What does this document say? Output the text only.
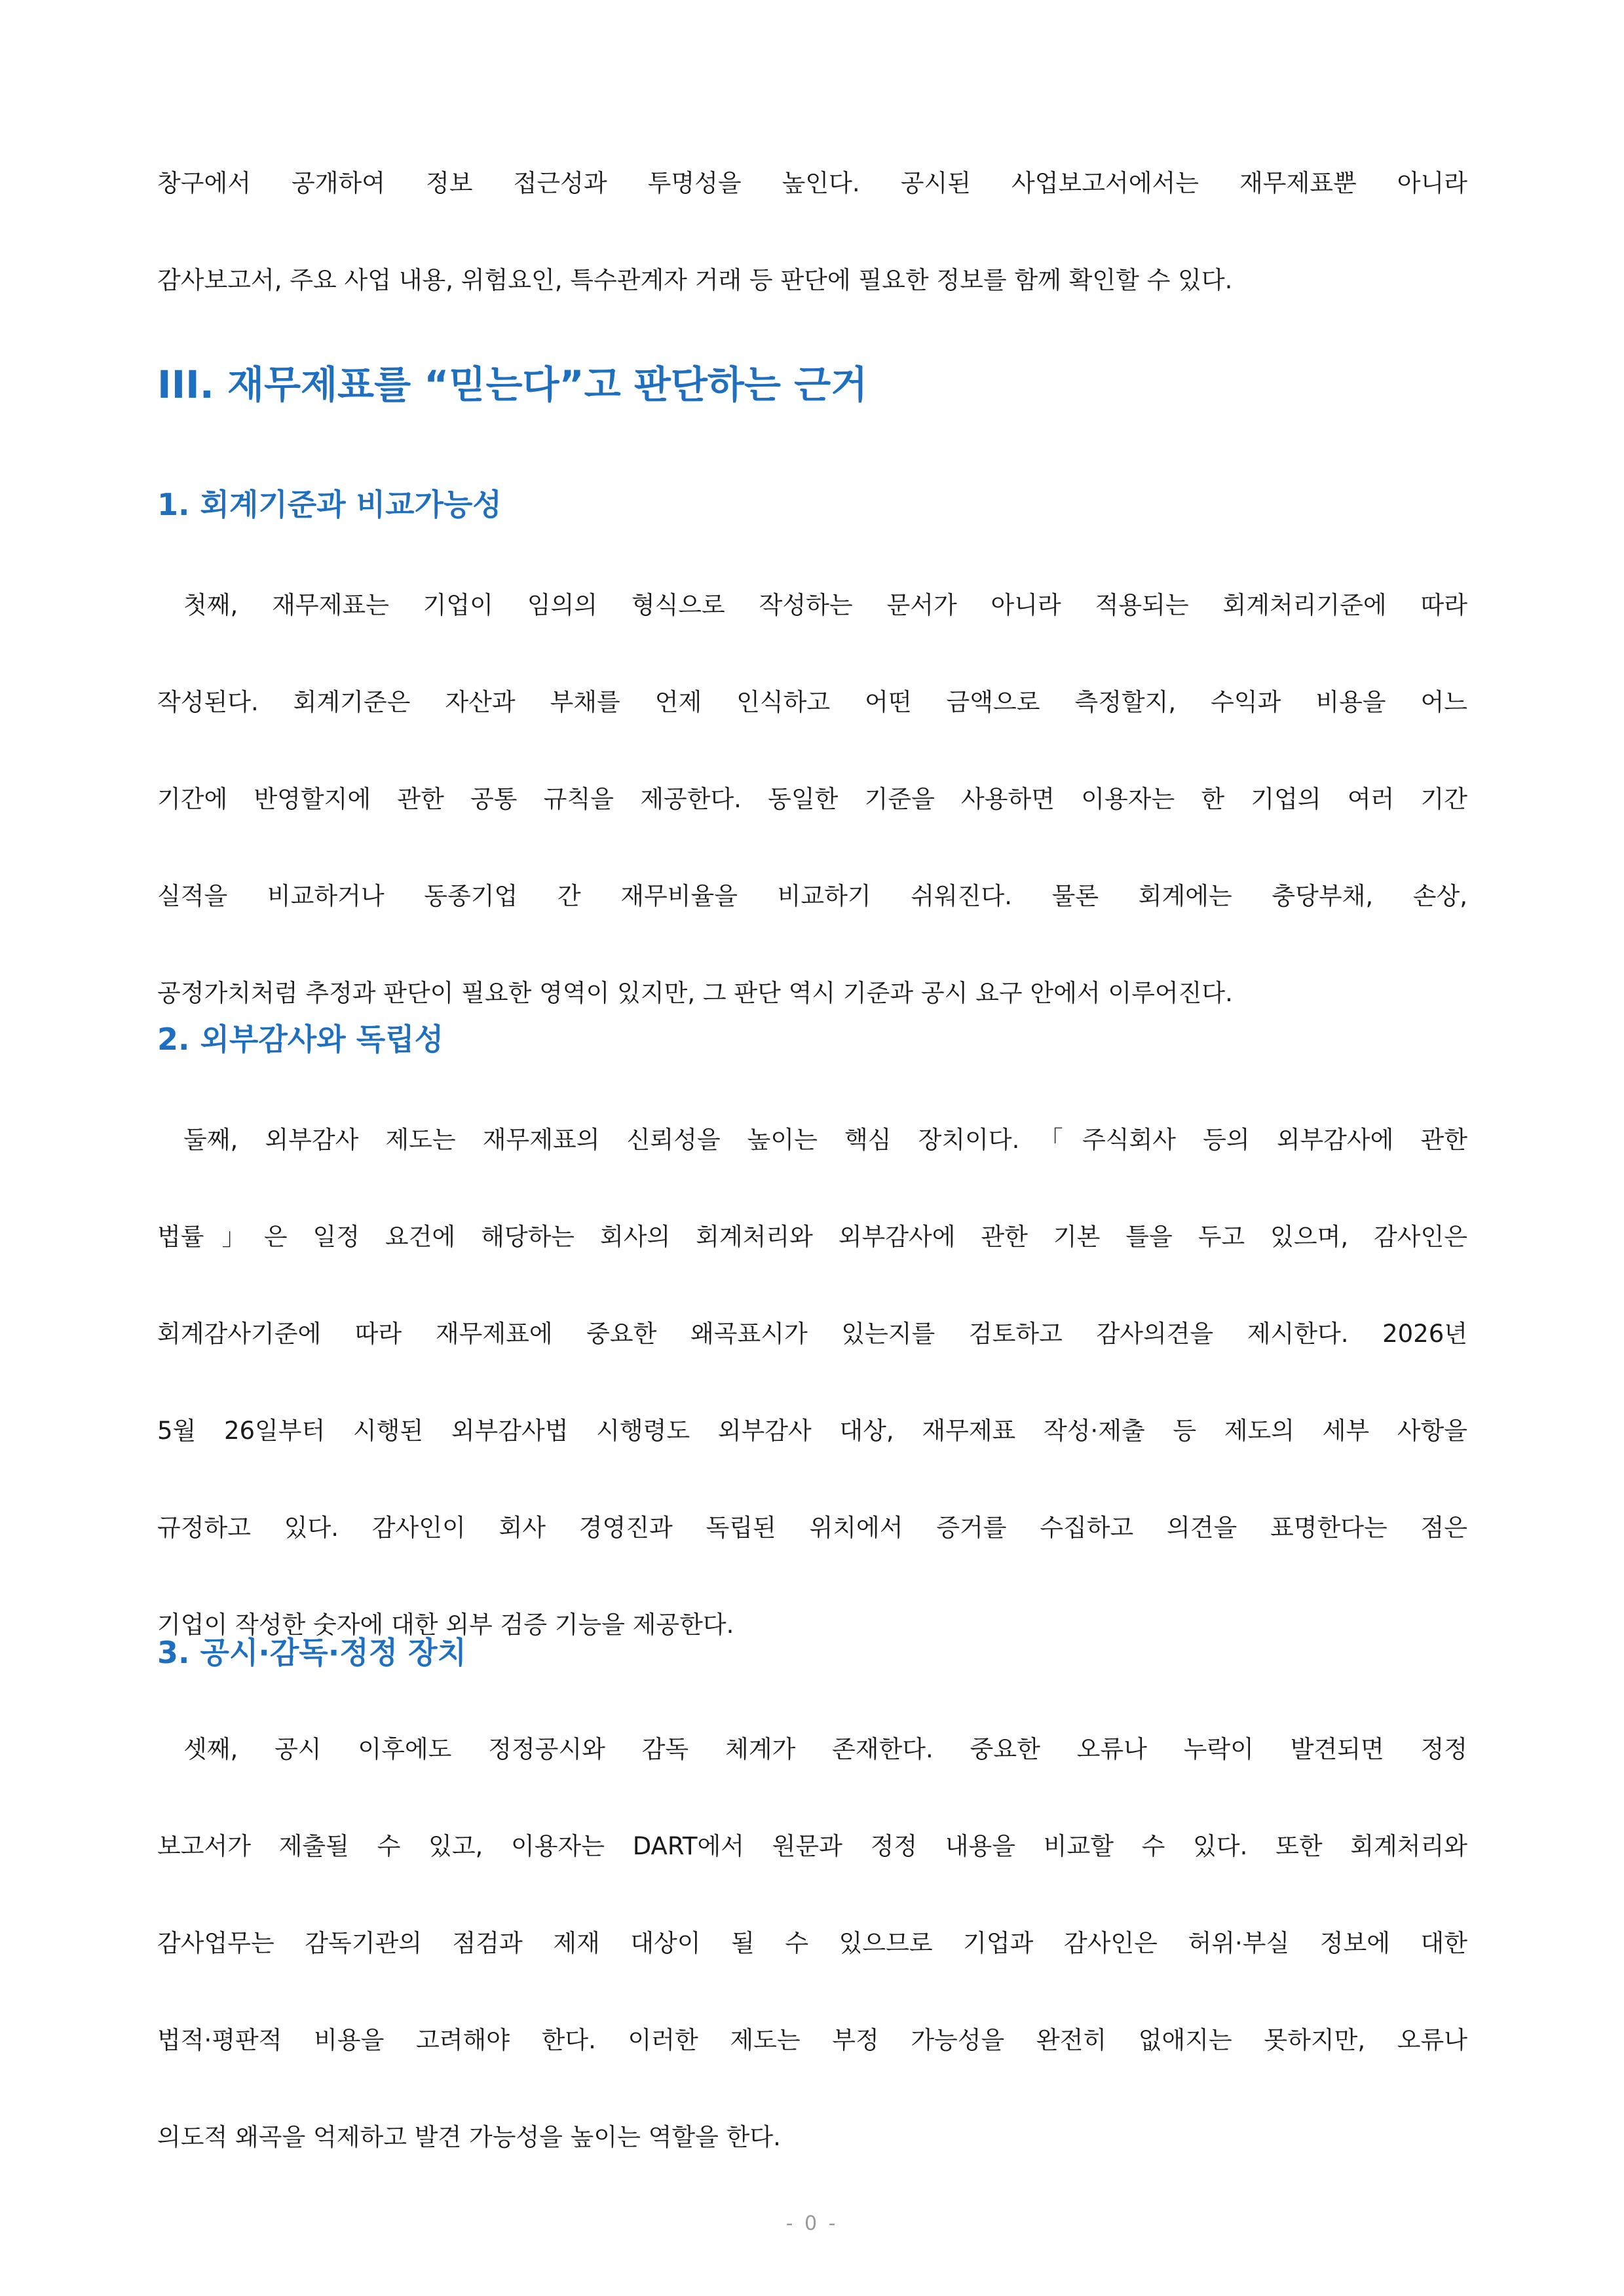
창구에서 공개하여 정보 접근성과 투명성을 높인다. 공시된 사업보고서에서는 재무제표뿐 아니라
감사보고서, 주요 사업 내용, 위험요인, 특수관계자 거래 등 판단에 필요한 정보를 함께 확인할 수 있다.

III. 재무제표를 “믿는다”고 판단하는 근거
1. 회계기준과 비교가능성

첫째, 재무제표는 기업이 임의의 형식으로 작성하는 문서가 아니라 적용되는 회계처리기준에 따라
작성된다. 회계기준은 자산과 부채를 언제 인식하고 어떤 금액으로 측정할지, 수익과 비용을 어느
기간에 반영할지에 관한 공통 규칙을 제공한다. 동일한 기준을 사용하면 이용자는 한 기업의 여러 기간
실적을 비교하거나 동종기업 간 재무비율을 비교하기 쉬워진다. 물론 회계에는 충당부채, 손상,
공정가치처럼 추정과 판단이 필요한 영역이 있지만, 그 판단 역시 기준과 공시 요구 안에서 이루어진다.

2. 외부감사와 독립성

둘째, 외부감사 제도는 재무제표의 신뢰성을 높이는 핵심 장치이다.「주식회사 등의 외부감사에 관한
법률」은 일정 요건에 해당하는 회사의 회계처리와 외부감사에 관한 기본 틀을 두고 있으며, 감사인은
회계감사기준에 따라 재무제표에 중요한 왜곡표시가 있는지를 검토하고 감사의견을 제시한다. 2026년
5월 26일부터 시행된 외부감사법 시행령도 외부감사 대상, 재무제표 작성·제출 등 제도의 세부 사항을
규정하고 있다. 감사인이 회사 경영진과 독립된 위치에서 증거를 수집하고 의견을 표명한다는 점은
기업이 작성한 숫자에 대한 외부 검증 기능을 제공한다.

3. 공시·감독·정정 장치

셋째, 공시 이후에도 정정공시와 감독 체계가 존재한다. 중요한 오류나 누락이 발견되면 정정
보고서가 제출될 수 있고, 이용자는 DART에서 원문과 정정 내용을 비교할 수 있다. 또한 회계처리와
감사업무는 감독기관의 점검과 제재 대상이 될 수 있으므로 기업과 감사인은 허위·부실 정보에 대한
법적·평판적 비용을 고려해야 한다. 이러한 제도는 부정 가능성을 완전히 없애지는 못하지만, 오류나
의도적 왜곡을 억제하고 발견 가능성을 높이는 역할을 한다.

- 0 -
